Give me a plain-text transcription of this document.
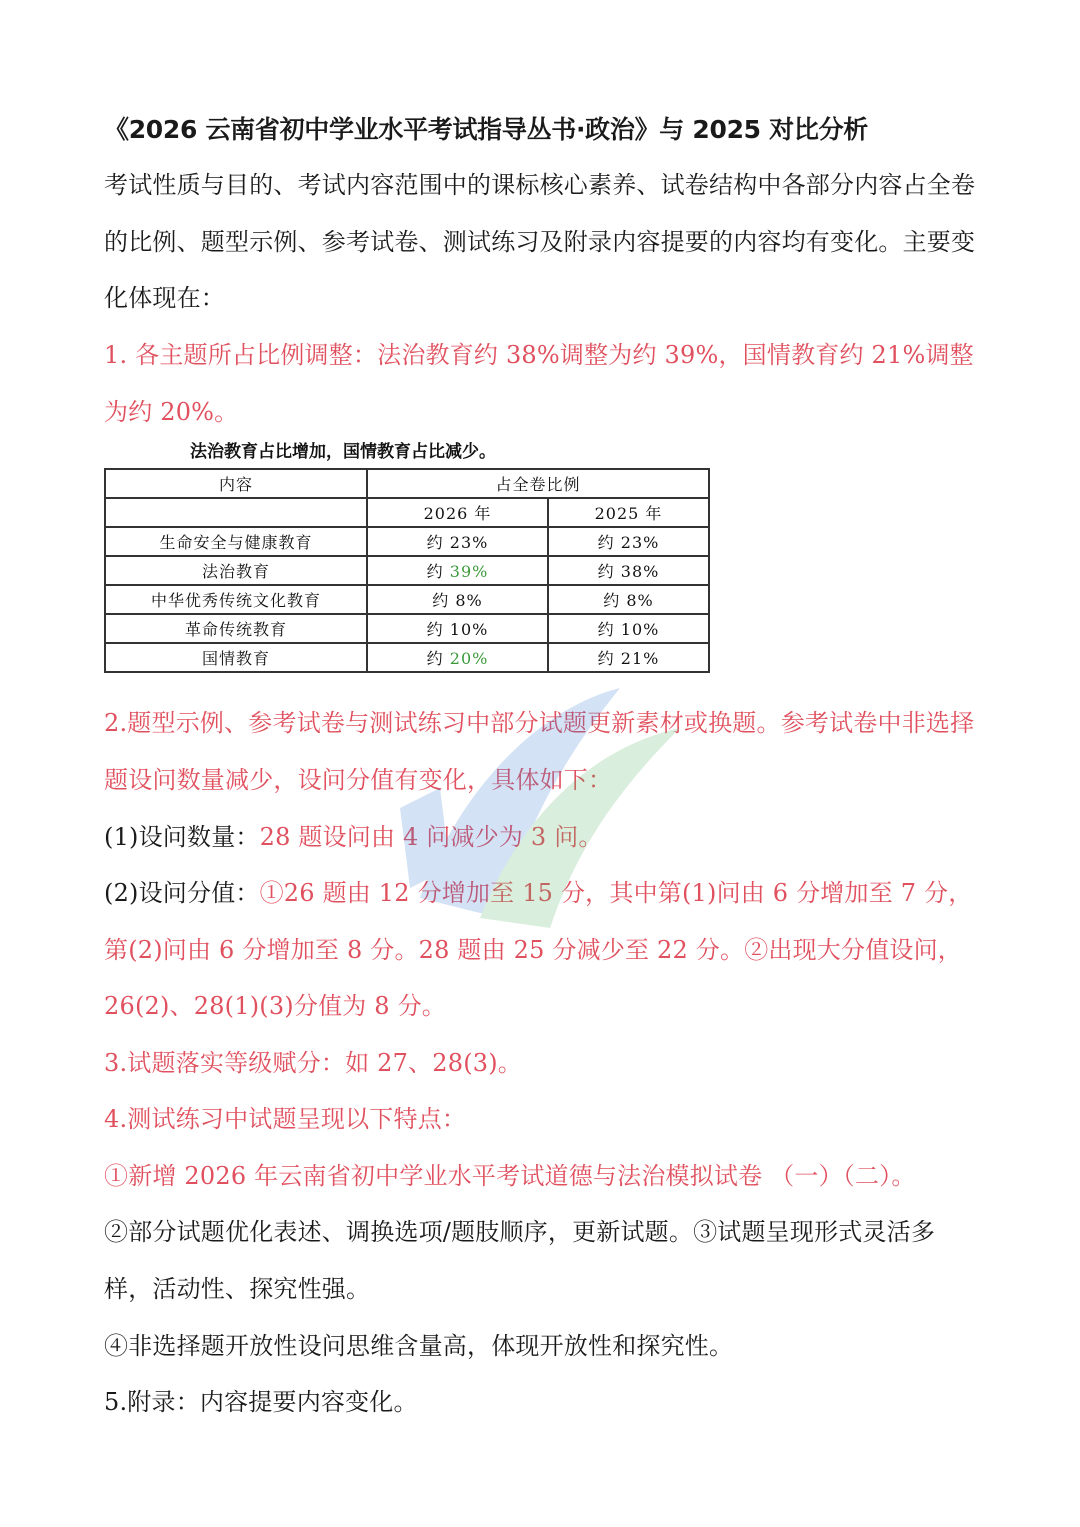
《2026 云南省初中学业水平考试指导丛书·政治》与 2025 对比分析
考试性质与目的、考试内容范围中的课标核心素养、试卷结构中各部分内容占全卷的比例、题型示例、参考试卷、测试练习及附录内容提要的内容均有变化。主要变化体现在：
1. 各主题所占比例调整：法治教育约 38%调整为约 39%，国情教育约 21%调整为约 20%。
法治教育占比增加，国情教育占比减少。
内容	占全卷比例	
	2026 年	2025 年
生命安全与健康教育	约 23%	约 23%
法治教育	约 39%	约 38%
中华优秀传统文化教育	约 8%	约 8%
革命传统教育	约 10%	约 10%
国情教育	约 20%	约 21%
2.题型示例、参考试卷与测试练习中部分试题更新素材或换题。参考试卷中非选择题设问数量减少，设问分值有变化，具体如下：
(1)设问数量：28 题设问由 4 问减少为 3 问。
(2)设问分值：①26 题由 12 分增加至 15 分，其中第(1)问由 6 分增加至 7 分，第(2)问由 6 分增加至 8 分。28 题由 25 分减少至 22 分。②出现大分值设问，26(2)、28(1)(3)分值为 8 分。
3.试题落实等级赋分：如 27、28(3)。
4.测试练习中试题呈现以下特点：
①新增 2026 年云南省初中学业水平考试道德与法治模拟试卷 （一）（二）。
②部分试题优化表述、调换选项/题肢顺序，更新试题。③试题呈现形式灵活多样，活动性、探究性强。
④非选择题开放性设问思维含量高，体现开放性和探究性。
5.附录：内容提要内容变化。
